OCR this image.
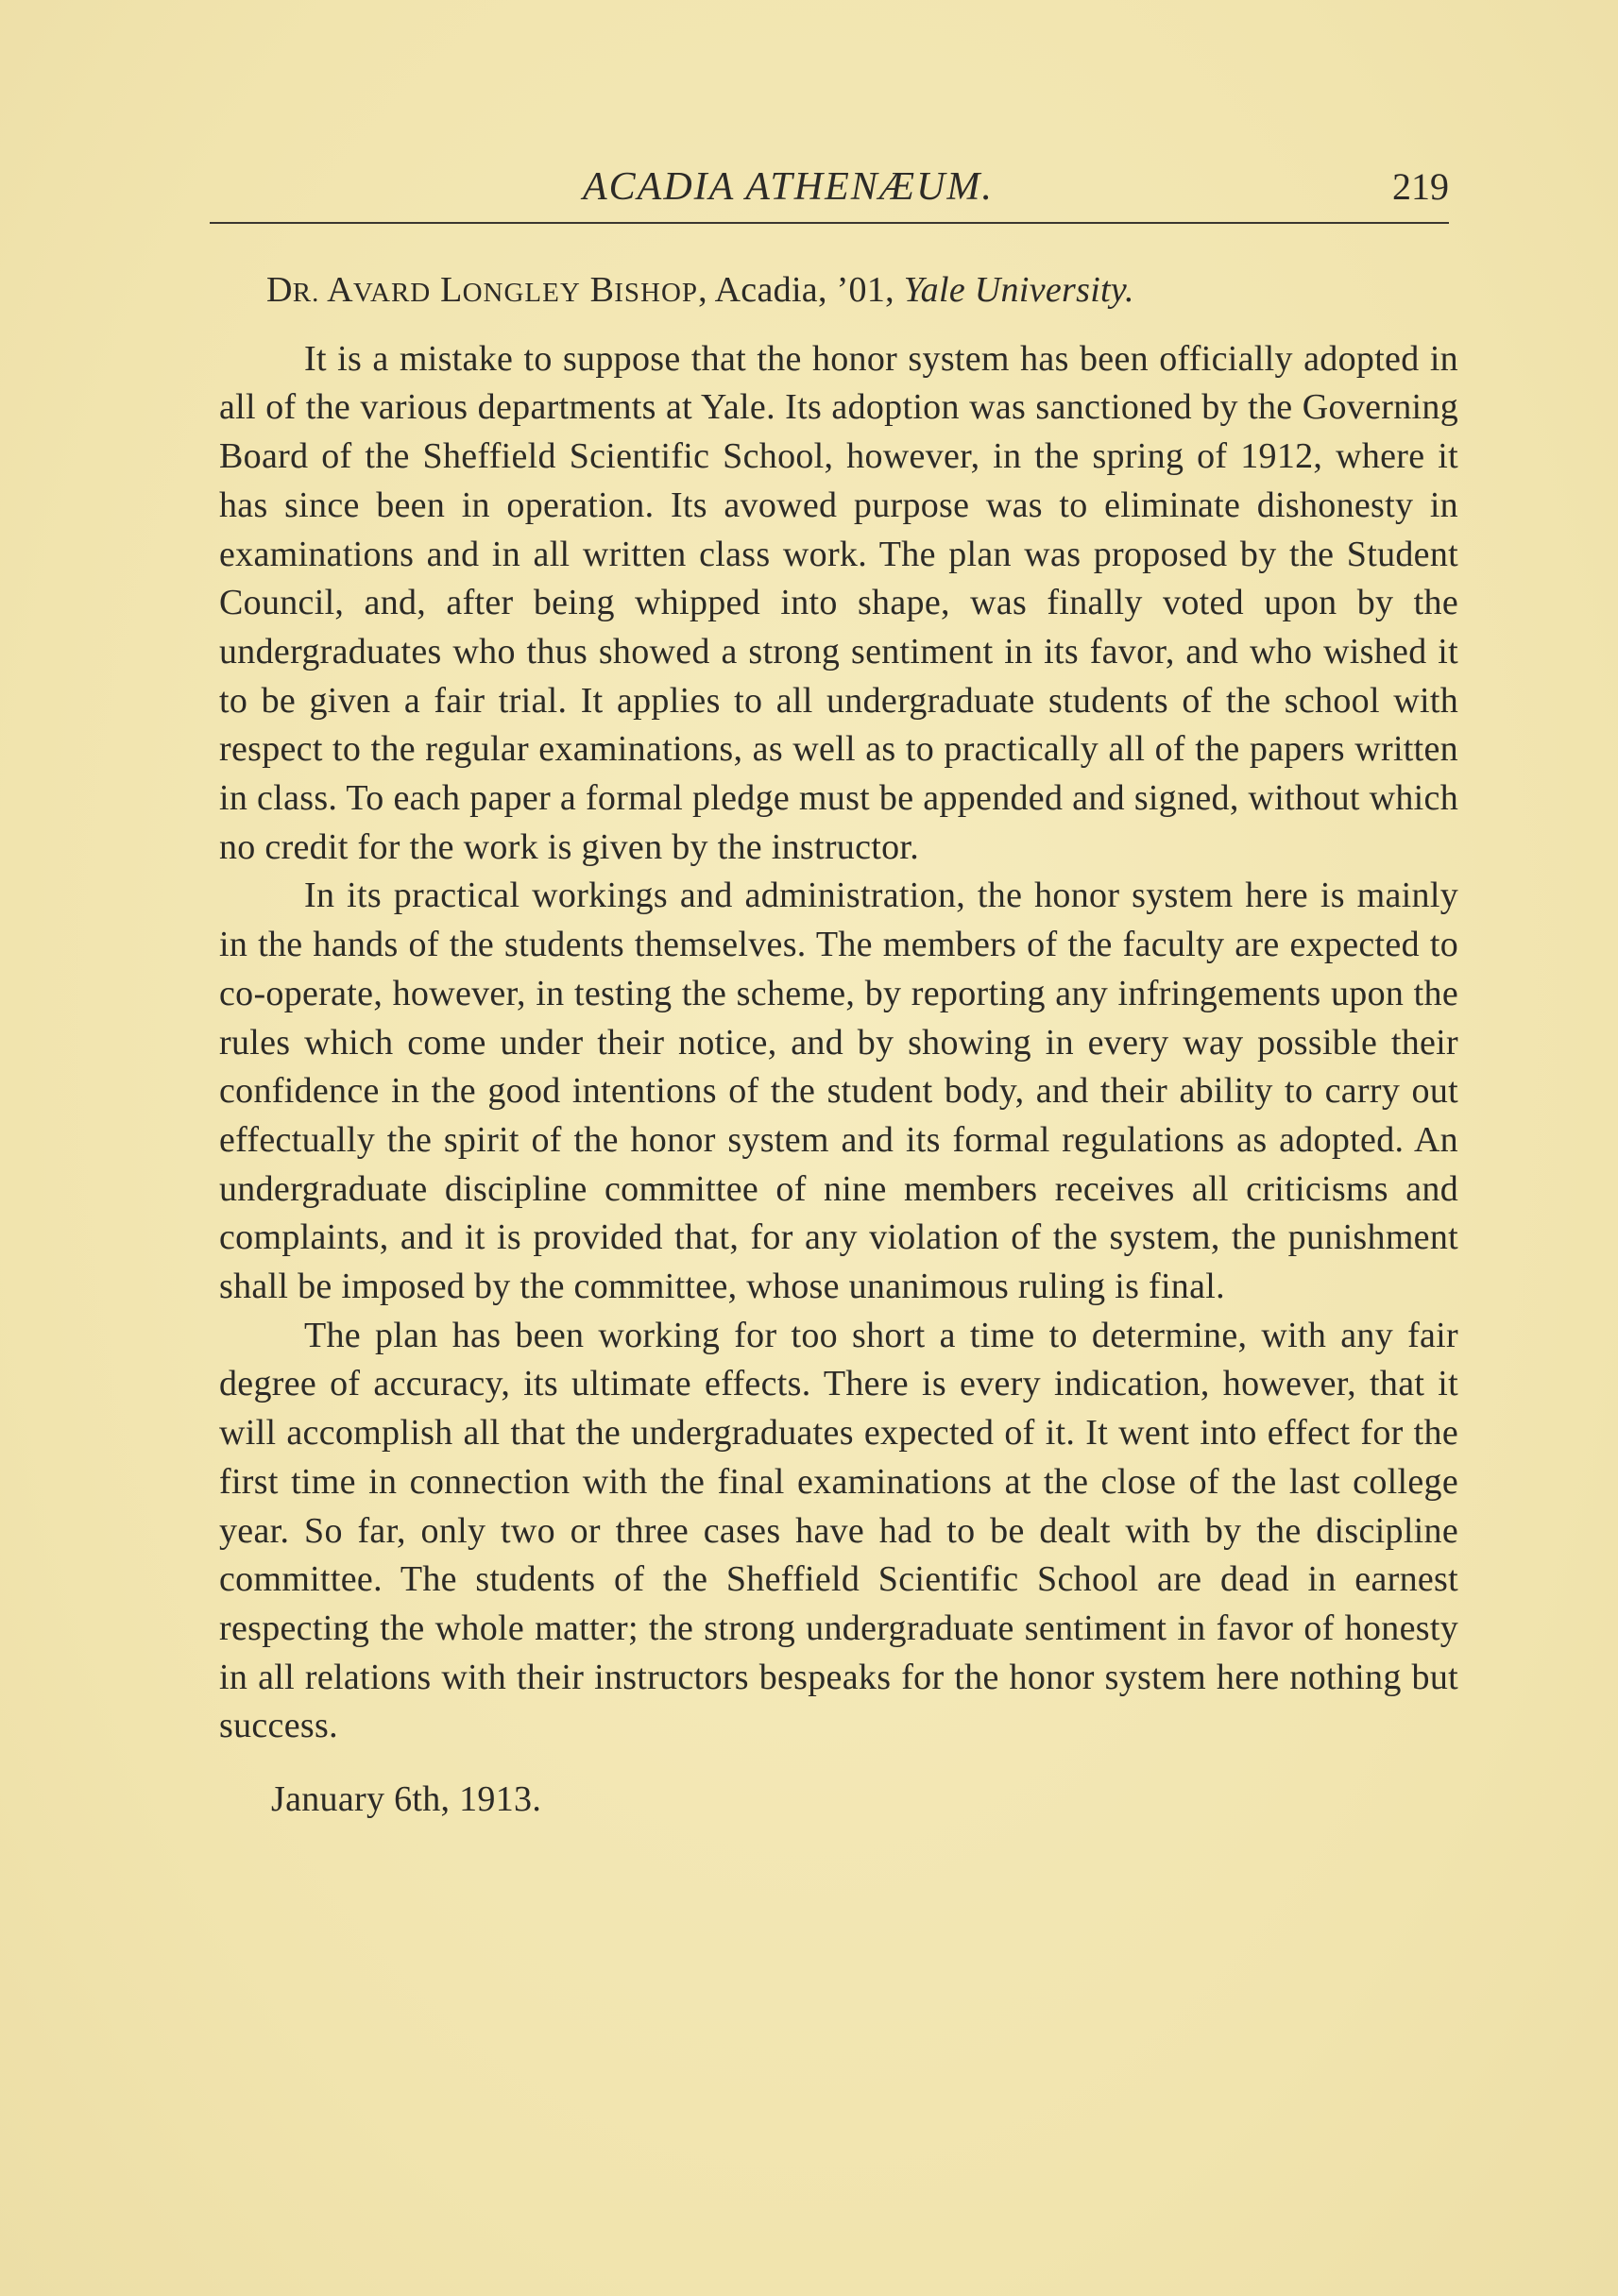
ACADIA ATHENÆUM.	219

DR. AVARD LONGLEY BISHOP, Acadia, ’01, Yale University.

It is a mistake to suppose that the honor system has been officially adopted in all of the various departments at Yale. Its adoption was sanctioned by the Governing Board of the Sheffield Scientific School, however, in the spring of 1912, where it has since been in operation. Its avowed purpose was to eliminate dishonesty in examinations and in all written class work. The plan was proposed by the Student Council, and, after being whipped into shape, was finally voted upon by the undergraduates who thus showed a strong sentiment in its favor, and who wished it to be given a fair trial. It applies to all undergraduate students of the school with respect to the regular examinations, as well as to practically all of the papers written in class. To each paper a formal pledge must be appended and signed, without which no credit for the work is given by the instructor.

In its practical workings and administration, the honor system here is mainly in the hands of the students themselves. The members of the faculty are expected to co-operate, however, in testing the scheme, by reporting any infringements upon the rules which come under their notice, and by showing in every way possible their confidence in the good intentions of the student body, and their ability to carry out effectually the spirit of the honor system and its formal regulations as adopted. An undergraduate discipline committee of nine members receives all criticisms and complaints, and it is provided that, for any violation of the system, the punishment shall be imposed by the committee, whose unanimous ruling is final.

The plan has been working for too short a time to determine, with any fair degree of accuracy, its ultimate effects. There is every indication, however, that it will accomplish all that the undergraduates expected of it. It went into effect for the first time in connection with the final examinations at the close of the last college year. So far, only two or three cases have had to be dealt with by the discipline committee. The students of the Sheffield Scientific School are dead in earnest respecting the whole matter; the strong undergraduate sentiment in favor of honesty in all relations with their instructors bespeaks for the honor system here nothing but success.

January 6th, 1913.
